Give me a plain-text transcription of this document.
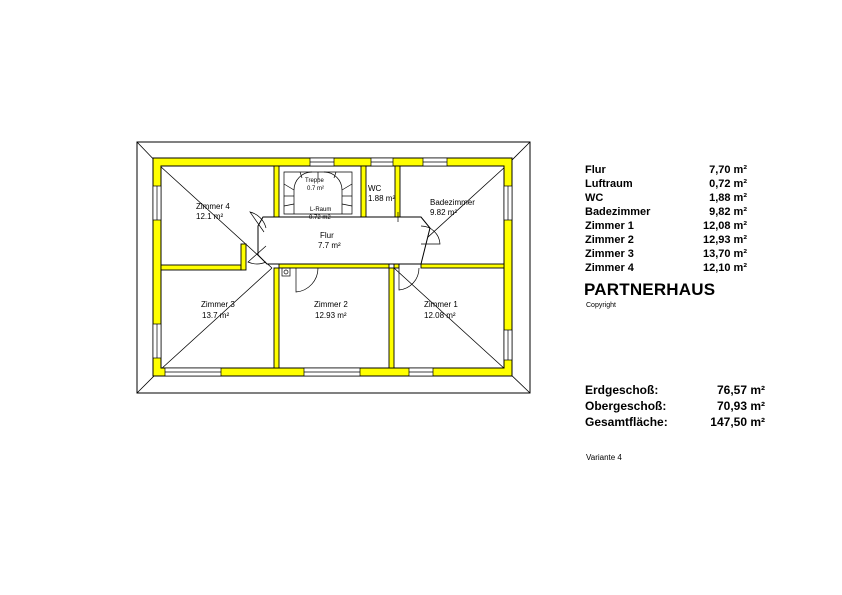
Zimmer 4
12.1 m²
Treppe
0.7 m²
L-Raum
0.72 m2
WC
1.88 m²	Badezimmer
9.82 m²
Flur
7.7 m²
Zimmer 3
13.7 m²
Zimmer 2
12.93 m²
Zimmer 1
12.08 m²
Flur	7,70 m²
Luftraum	0,72 m²
WC	1,88 m²
Badezimmer	9,82 m²
Zimmer 1	12,08 m²
Zimmer 2	12,93 m²
Zimmer 3	13,70 m²
Zimmer 4	12,10 m²
PARTNERHAUS
Copyright
Erdgeschoß:	76,57 m²
Obergeschoß:	70,93 m²
Gesamtfläche:	147,50 m²
Variante 4
